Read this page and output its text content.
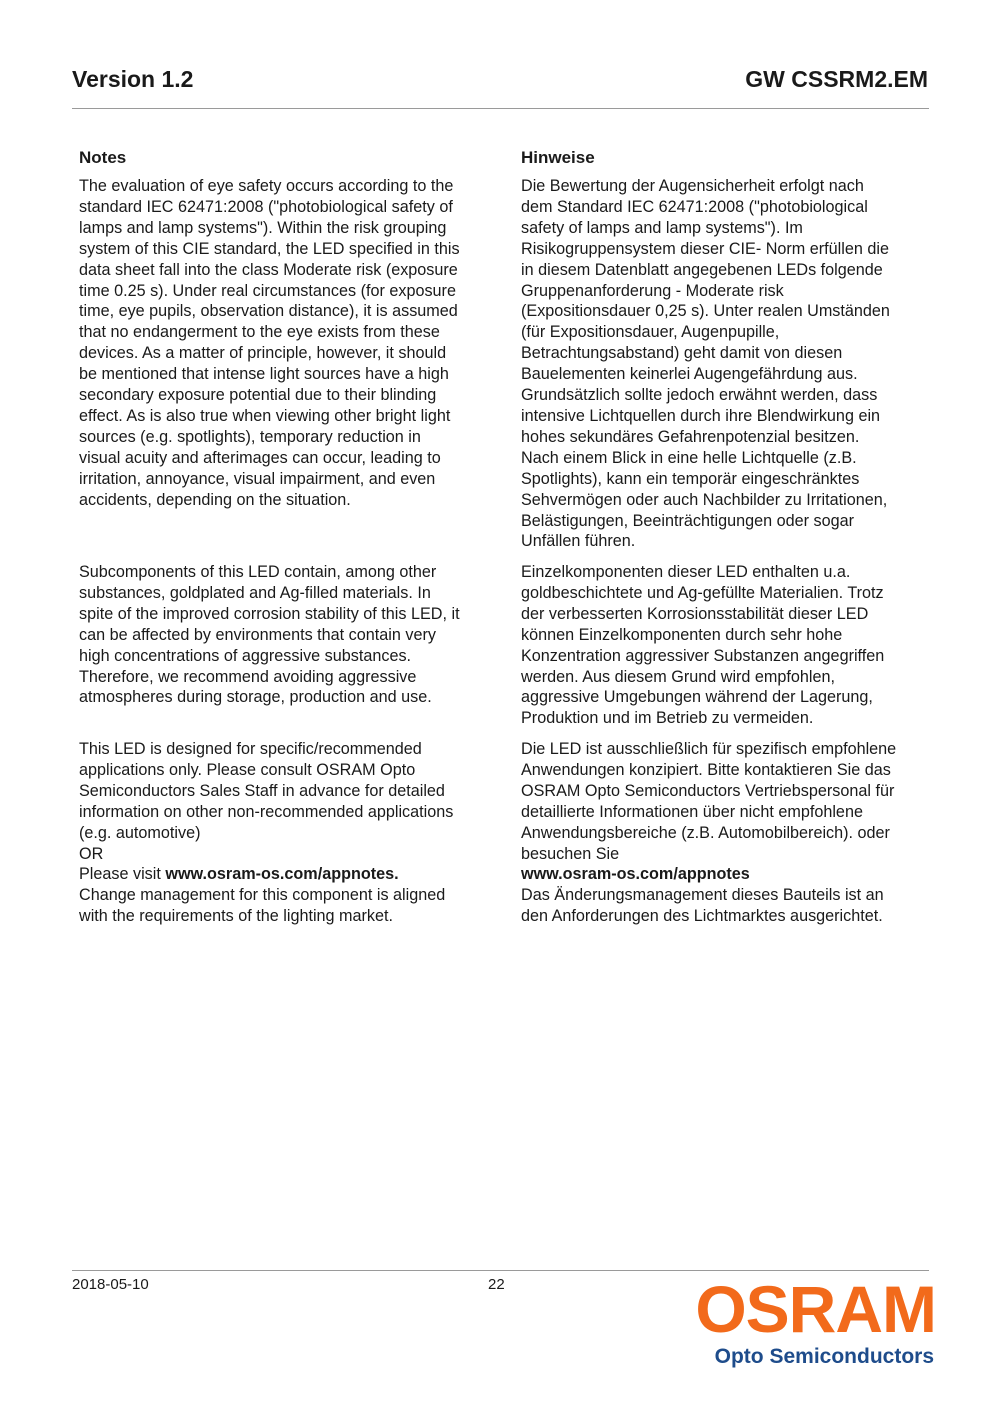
Version 1.2	GW CSSRM2.EM
Notes

The evaluation of eye safety occurs according to the
standard IEC 62471:2008 ("photobiological safety of
lamps and lamp systems"). Within the risk grouping
system of this CIE standard, the LED specified in this
data sheet fall into the class Moderate risk (exposure
time 0.25 s). Under real circumstances (for exposure
time, eye pupils, observation distance), it is assumed
that no endangerment to the eye exists from these
devices. As a matter of principle, however, it should
be mentioned that intense light sources have a high
secondary exposure potential due to their blinding
effect. As is also true when viewing other bright light
sources (e.g. spotlights), temporary reduction in
visual acuity and afterimages can occur, leading to
irritation, annoyance, visual impairment, and even
accidents, depending on the situation.

Subcomponents of this LED contain, among other
substances, goldplated and Ag-filled materials. In
spite of the improved corrosion stability of this LED, it
can be affected by environments that contain very
high concentrations of aggressive substances.
Therefore, we recommend avoiding aggressive
atmospheres during storage, production and use.

This LED is designed for specific/recommended
applications only. Please consult OSRAM Opto
Semiconductors Sales Staff in advance for detailed
information on other non-recommended applications
(e.g. automotive)
OR

Please visit www.osram-os.com/appnotes.

Change management for this component is aligned
with the requirements of the lighting market.

Hinweise

Die Bewertung der Augensicherheit erfolgt nach
dem Standard IEC 62471:2008 ("photobiological
safety of lamps and lamp systems"). Im
Risikogruppensystem dieser CIE- Norm erfüllen die
in diesem Datenblatt angegebenen LEDs folgende
Gruppenanforderung - Moderate risk
(Expositionsdauer 0,25 s). Unter realen Umständen
(für Expositionsdauer, Augenpupille,
Betrachtungsabstand) geht damit von diesen
Bauelementen keinerlei Augengefährdung aus.
Grundsätzlich sollte jedoch erwähnt werden, dass
intensive Lichtquellen durch ihre Blendwirkung ein
hohes sekundäres Gefahrenpotenzial besitzen.
Nach einem Blick in eine helle Lichtquelle (z.B.
Spotlights), kann ein temporär eingeschränktes
Sehvermögen oder auch Nachbilder zu Irritationen,
Belästigungen, Beeinträchtigungen oder sogar
Unfällen führen.

Einzelkomponenten dieser LED enthalten u.a.
goldbeschichtete und Ag-gefüllte Materialien. Trotz
der verbesserten Korrosionsstabilität dieser LED
können Einzelkomponenten durch sehr hohe
Konzentration aggressiver Substanzen angegriffen
werden. Aus diesem Grund wird empfohlen,
aggressive Umgebungen während der Lagerung,
Produktion und im Betrieb zu vermeiden.

Die LED ist ausschließlich für spezifisch empfohlene
Anwendungen konzipiert. Bitte kontaktieren Sie das
OSRAM Opto Semiconductors Vertriebspersonal für
detaillierte Informationen über nicht empfohlene
Anwendungsbereiche (z.B. Automobilbereich). oder
besuchen Sie

www.osram-os.com/appnotes

Das Änderungsmanagement dieses Bauteils ist an
den Anforderungen des Lichtmarktes ausgerichtet.

2018-05-10	22	OSRAM
Opto Semiconductors
